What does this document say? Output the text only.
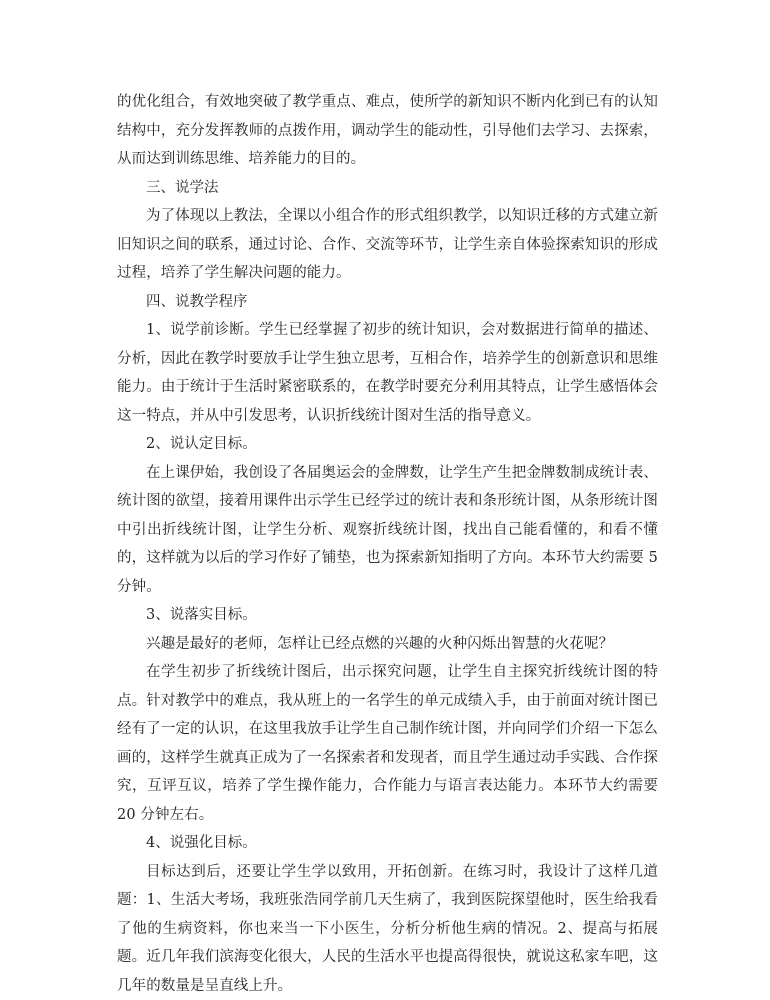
的优化组合，有效地突破了教学重点、难点，使所学的新知识不断内化到已有的认知结构中，充分发挥教师的点拨作用，调动学生的能动性，引导他们去学习、去探索，从而达到训练思维、培养能力的目的。

三、说学法

为了体现以上教法，全课以小组合作的形式组织教学，以知识迁移的方式建立新旧知识之间的联系，通过讨论、合作、交流等环节，让学生亲自体验探索知识的形成过程，培养了学生解决问题的能力。

四、说教学程序

1、说学前诊断。学生已经掌握了初步的统计知识，会对数据进行简单的描述、分析，因此在教学时要放手让学生独立思考，互相合作，培养学生的创新意识和思维能力。由于统计于生活时紧密联系的，在教学时要充分利用其特点，让学生感悟体会这一特点，并从中引发思考，认识折线统计图对生活的指导意义。

2、说认定目标。

在上课伊始，我创设了各届奥运会的金牌数，让学生产生把金牌数制成统计表、统计图的欲望，接着用课件出示学生已经学过的统计表和条形统计图，从条形统计图中引出折线统计图，让学生分析、观察折线统计图，找出自己能看懂的，和看不懂的，这样就为以后的学习作好了铺垫，也为探索新知指明了方向。本环节大约需要 5 分钟。

3、说落实目标。

兴趣是最好的老师，怎样让已经点燃的兴趣的火种闪烁出智慧的火花呢？

在学生初步了折线统计图后，出示探究问题，让学生自主探究折线统计图的特点。针对教学中的难点，我从班上的一名学生的单元成绩入手，由于前面对统计图已经有了一定的认识，在这里我放手让学生自己制作统计图，并向同学们介绍一下怎么画的，这样学生就真正成为了一名探索者和发现者，而且学生通过动手实践、合作探究，互评互议，培养了学生操作能力，合作能力与语言表达能力。本环节大约需要 20 分钟左右。

4、说强化目标。

目标达到后，还要让学生学以致用，开拓创新。在练习时，我设计了这样几道题：1、生活大考场，我班张浩同学前几天生病了，我到医院探望他时，医生给我看了他的生病资料，你也来当一下小医生，分析分析他生病的情况。2、提高与拓展题。近几年我们滨海变化很大，人民的生活水平也提高得很快，就说这私家车吧，这几年的数量是呈直线上升。
